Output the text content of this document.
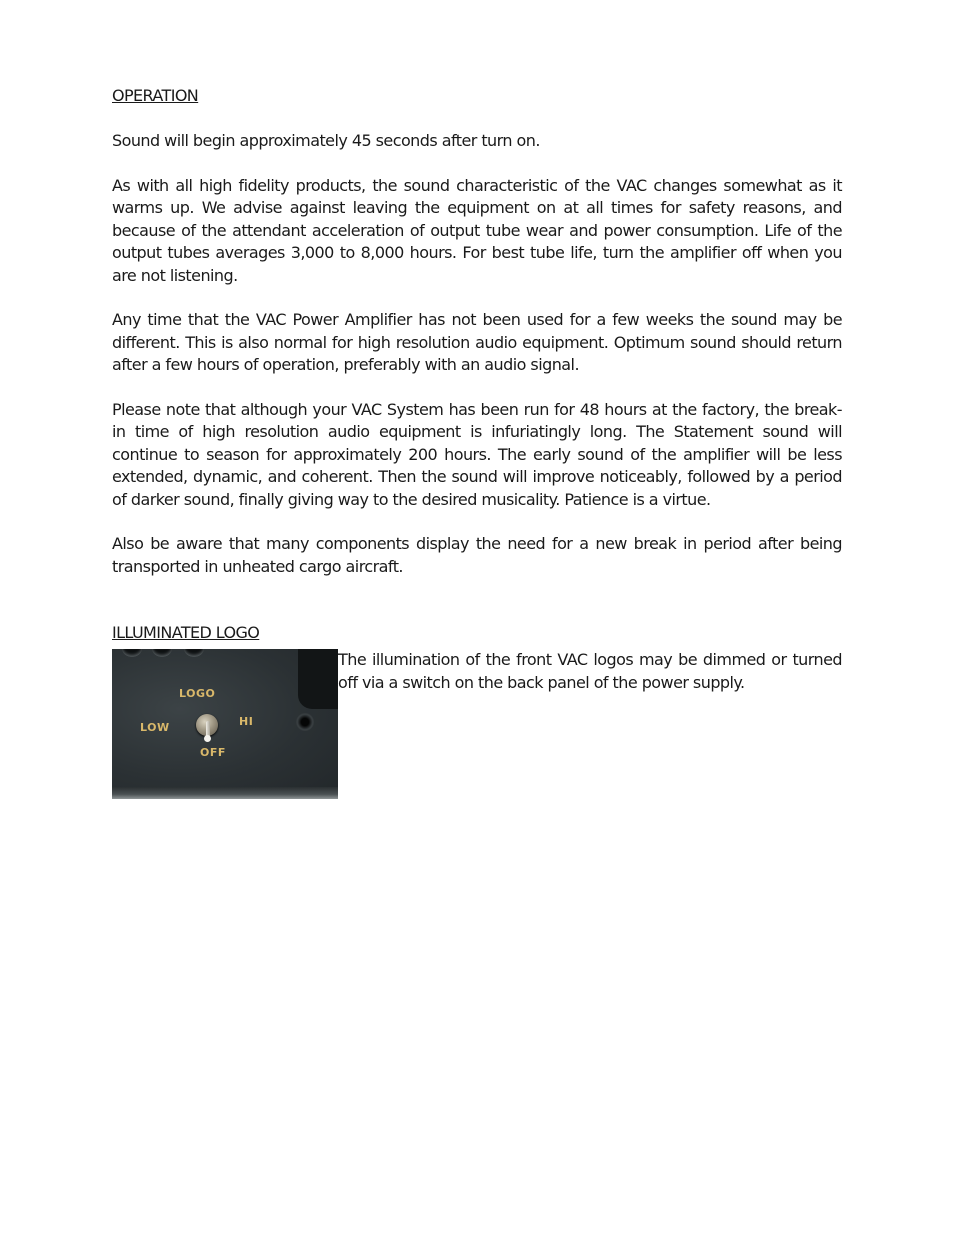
OPERATION

Sound will begin approximately 45 seconds after turn on.

As with all high fidelity products, the sound characteristic of the VAC changes somewhat as it warms up. We advise against leaving the equipment on at all times for safety reasons, and because of the attendant acceleration of output tube wear and power consumption. Life of the output tubes averages 3,000 to 8,000 hours. For best tube life, turn the amplifier off when you are not listening.

Any time that the VAC Power Amplifier has not been used for a few weeks the sound may be different. This is also normal for high resolution audio equipment. Optimum sound should return after a few hours of operation, preferably with an audio signal.

Please note that although your VAC System has been run for 48 hours at the factory, the break-in time of high resolution audio equipment is infuriatingly long. The Statement sound will continue to season for approximately 200 hours. The early sound of the amplifier will be less extended, dynamic, and coherent. Then the sound will improve noticeably, followed by a period of darker sound, finally giving way to the desired musicality. Patience is a virtue.

Also be aware that many components display the need for a new break in period after being transported in unheated cargo aircraft.

ILLUMINATED LOGO
LOGO
LOW	HI
OFF

The illumination of the front VAC logos may be dimmed or turned off via a switch on the back panel of the power supply.
